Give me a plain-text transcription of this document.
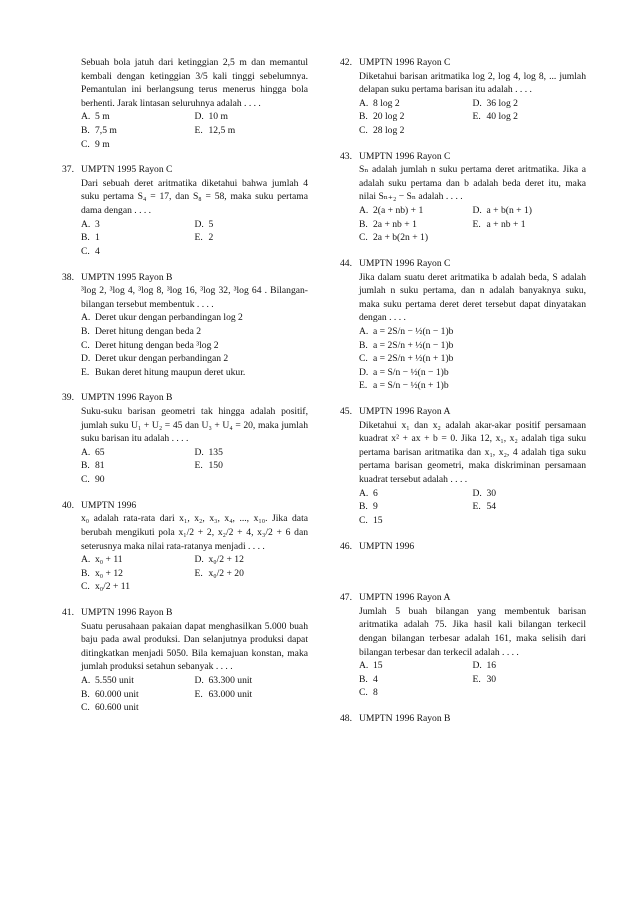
Sebuah bola jatuh dari ketinggian 2,5 m dan memantul kembali dengan ketinggian 3/5 kali tinggi sebelumnya. Pemantulan ini berlangsung terus menerus hingga bola berhenti. Jarak lintasan seluruhnya adalah . . . .
A. 5 m	D. 10 m
B. 7,5 m	E. 12,5 m
C. 9 m
37. UMPTN 1995 Rayon C
Dari sebuah deret aritmatika diketahui bahwa jumlah 4 suku pertama S₄ = 17, dan S₈ = 58, maka suku pertama dama dengan . . . .
A. 3	D. 5
B. 1	E. 2
C. 4
38. UMPTN 1995 Rayon B
³log 2, ³log 4, ³log 8, ³log 16, ³log 32, ³log 64 . Bilangan-bilangan tersebut membentuk . . . .
A. Deret ukur dengan perbandingan log 2
B. Deret hitung dengan beda 2
C. Deret hitung dengan beda ³log 2
D. Deret ukur dengan perbandingan 2
E. Bukan deret hitung maupun deret ukur.
39. UMPTN 1996 Rayon B
Suku-suku barisan geometri tak hingga adalah positif, jumlah suku U₁ + U₂ = 45 dan U₃ + U₄ = 20, maka jumlah suku barisan itu adalah . . . .
A. 65	D. 135
B. 81	E. 150
C. 90
40. UMPTN 1996
x₀ adalah rata-rata dari x₁, x₂, x₃, x₄, ..., x₁₀. Jika data berubah mengikuti pola x₁/2 + 2, x₂/2 + 4, x₃/2 + 6 dan seterusnya maka nilai rata-ratanya menjadi . . . .
A. x₀ + 11	D. x₀/2 + 12
B. x₀ + 12	E. x₀/2 + 20
C. x₀/2 + 11
41. UMPTN 1996 Rayon B
Suatu perusahaan pakaian dapat menghasilkan 5.000 buah baju pada awal produksi. Dan selanjutnya produksi dapat ditingkatkan menjadi 5050. Bila kemajuan konstan, maka jumlah produksi setahun sebanyak . . . .
A. 5.550 unit	D. 63.300 unit
B. 60.000 unit	E. 63.000 unit
C. 60.600 unit
42. UMPTN 1996 Rayon C
Diketahui barisan aritmatika log 2, log 4, log 8, ... jumlah delapan suku pertama barisan itu adalah . . . .
A. 8 log 2	D. 36 log 2
B. 20 log 2	E. 40 log 2
C. 28 log 2
43. UMPTN 1996 Rayon C
Sₙ adalah jumlah n suku pertama deret aritmatika. Jika a adalah suku pertama dan b adalah beda deret itu, maka nilai Sₙ₊₂ − Sₙ adalah . . . .
A. 2(a + nb) + 1	D. a + b(n + 1)
B. 2a + nb + 1	E. a + nb + 1
C. 2a + b(2n + 1)
44. UMPTN 1996 Rayon C
Jika dalam suatu deret aritmatika b adalah beda, S adalah jumlah n suku pertama, dan n adalah banyaknya suku, maka suku pertama deret deret tersebut dapat dinyatakan dengan . . . .
A. a = 2S/n − ½(n − 1)b
B. a = 2S/n + ½(n − 1)b
C. a = 2S/n + ½(n + 1)b
D. a = S/n − ½(n − 1)b
E. a = S/n − ½(n + 1)b
45. UMPTN 1996 Rayon A
Diketahui x₁ dan x₂ adalah akar-akar positif persamaan kuadrat x² + ax + b = 0. Jika 12, x₁, x₂ adalah tiga suku pertama barisan aritmatika dan x₁, x₂, 4 adalah tiga suku pertama barisan geometri, maka diskriminan persamaan kuadrat tersebut adalah . . . .
A. 6	D. 30
B. 9	E. 54
C. 15
46. UMPTN 1996
47. UMPTN 1996 Rayon A
Jumlah 5 buah bilangan yang membentuk barisan aritmatika adalah 75. Jika hasil kali bilangan terkecil dengan bilangan terbesar adalah 161, maka selisih dari bilangan terbesar dan terkecil adalah . . . .
A. 15	D. 16
B. 4	E. 30
C. 8
48. UMPTN 1996 Rayon B
